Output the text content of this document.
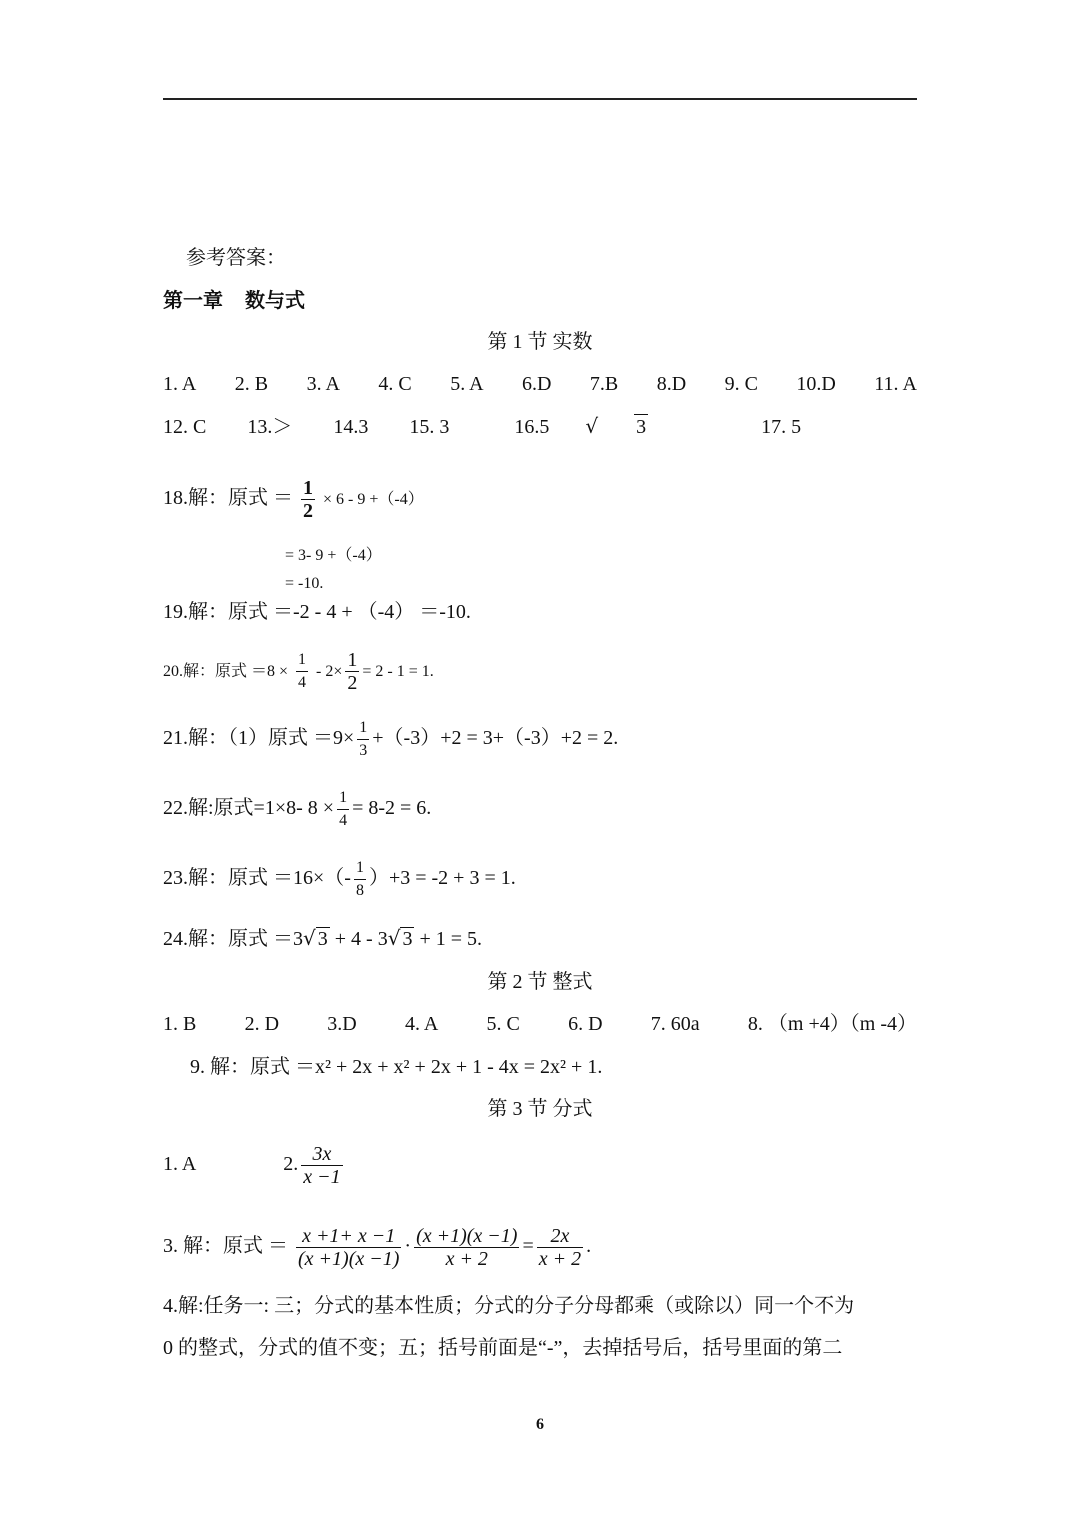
参考答案：
第一章 数与式
第 1 节 实数
1. A 2. B 3. A 4. C 5. A 6.D 7.B 8.D 9. C 10.D 11. A
12. C 13.＞ 14.3 15. 3	16.5 √ 3	17. 5
18.解：原式 ＝ $\frac{1}{2} \times 6 - 9 +(-4)$
= 3- 9 +（-4）
= -10.
19.解：原式 ＝-2 - 4 + （-4） ＝-10.
20.解：原式 $=8 \times \frac{1}{4} - 2\times \frac{1}{2} = 2 - 1 = 1$.
21.解：（1）原式 $=9\times \frac{1}{3} +(-3)+2 = 3+(-3)+2 = 2$.
22.解:原式=1×8- $8 \times \frac{1}{4} = 8-2 = 6$.
23.解：原式 $=16\times(- \frac{1}{8} )+3 = -2 + 3 = 1$.
24.解：原式 ＝3√ 3 + 4 - 3√ 3 + 1 = 5.
第 2 节 整式
1. B 2. D 3.D 4. A 5. C 6. D 7. 60a 8. （m +4）（m -4）
9. 解：原式 ＝x² + 2x + x² + 2x + 1 - 4x = 2x² + 1.
第 3 节 分式
1. A	2. $\frac{3x}{x -1}$
3. 解：原式 ＝ $\frac{x +1+ x -1}{(x +1)(x -1)} \cdot \frac{(x +1)(x -1)}{x + 2} = \frac{2x}{x + 2}$ .
4.解:任务一: 三；分式的基本性质；分式的分子分母都乘（或除以）同一个不为
0 的整式，分式的值不变；五；括号前面是“-”，去掉括号后，括号里面的第二
6
